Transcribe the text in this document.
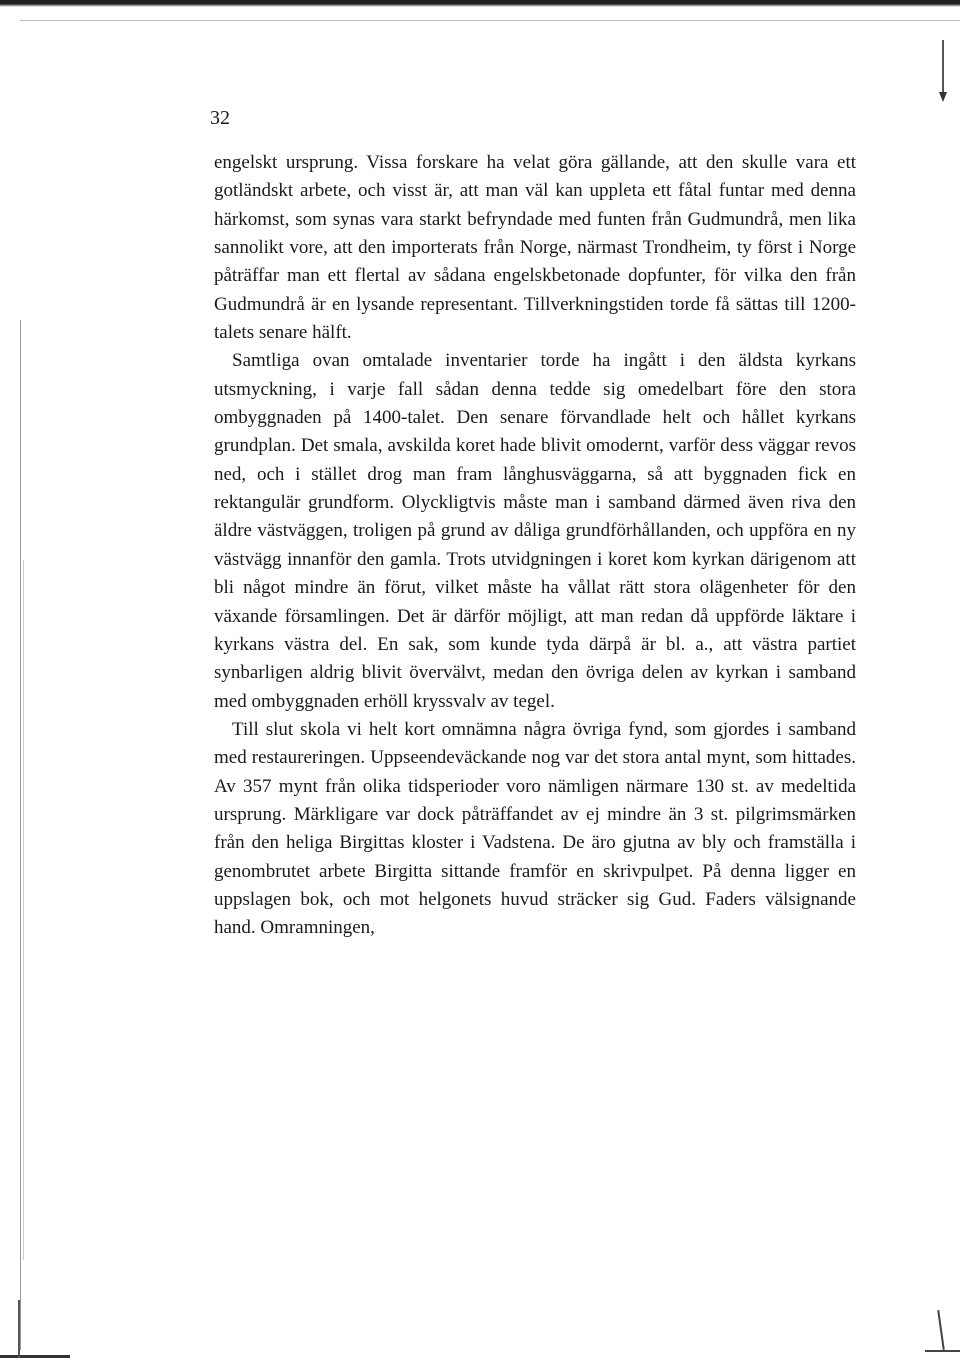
32

engelskt ursprung. Vissa forskare ha velat göra gällande, att den skulle vara ett gotländskt arbete, och visst är, att man väl kan uppleta ett fåtal funtar med denna härkomst, som synas vara starkt befryndade med funten från Gudmundrå, men lika sannolikt vore, att den importerats från Norge, närmast Trondheim, ty först i Norge påträffar man ett flertal av sådana engelskbetonade dopfunter, för vilka den från Gudmundrå är en lysande representant. Tillverkningstiden torde få sättas till 1200-talets senare hälft.

Samtliga ovan omtalade inventarier torde ha ingått i den äldsta kyrkans utsmyckning, i varje fall sådan denna tedde sig omedelbart före den stora ombyggnaden på 1400-talet. Den senare förvandlade helt och hållet kyrkans grundplan. Det smala, avskilda koret hade blivit omodernt, varför dess väggar revos ned, och i stället drog man fram långhusväggarna, så att byggnaden fick en rektangulär grundform. Olyckligtvis måste man i samband därmed även riva den äldre västväggen, troligen på grund av dåliga grundförhållanden, och uppföra en ny västvägg innanför den gamla. Trots utvidgningen i koret kom kyrkan därigenom att bli något mindre än förut, vilket måste ha vållat rätt stora olägenheter för den växande församlingen. Det är därför möjligt, att man redan då uppförde läktare i kyrkans västra del. En sak, som kunde tyda därpå är bl. a., att västra partiet synbarligen aldrig blivit övervälvt, medan den övriga delen av kyrkan i samband med ombyggnaden erhöll kryssvalv av tegel.

Till slut skola vi helt kort omnämna några övriga fynd, som gjordes i samband med restaureringen. Uppseendeväckande nog var det stora antal mynt, som hittades. Av 357 mynt från olika tidsperioder voro nämligen närmare 130 st. av medeltida ursprung. Märkligare var dock påträffandet av ej mindre än 3 st. pilgrimsmärken från den heliga Birgittas kloster i Vadstena. De äro gjutna av bly och framställa i genombrutet arbete Birgitta sittande framför en skrivpulpet. På denna ligger en uppslagen bok, och mot helgonets huvud sträcker sig Gud. Faders välsignande hand. Omramningen,
